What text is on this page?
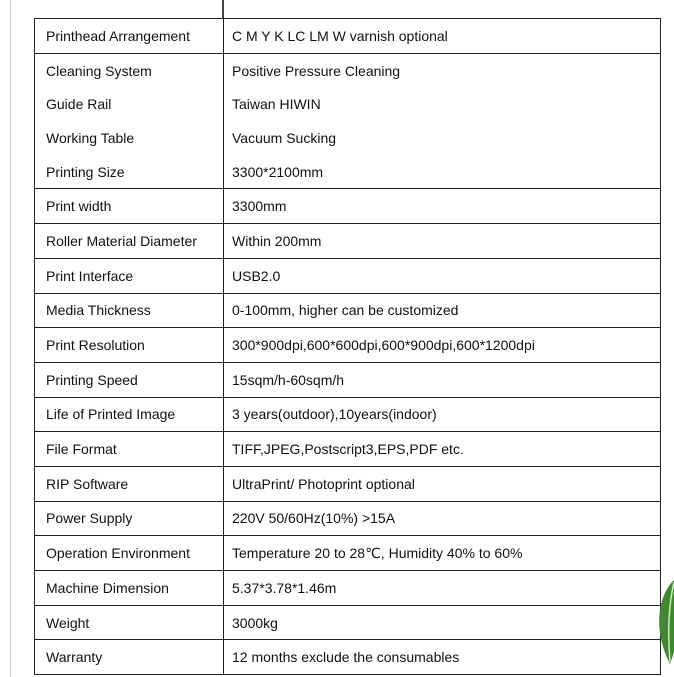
Printhead Arrangement	C M Y K LC LM W varnish optional
Cleaning System	Positive Pressure Cleaning
Guide Rail	Taiwan HIWIN
Working Table	Vacuum Sucking
Printing Size	3300*2100mm
Print width	3300mm
Roller Material Diameter	Within 200mm
Print Interface	USB2.0
Media Thickness	0-100mm, higher can be customized
Print Resolution	300*900dpi,600*600dpi,600*900dpi,600*1200dpi
Printing Speed	15sqm/h-60sqm/h
Life of Printed Image	3 years(outdoor),10years(indoor)
File Format	TIFF,JPEG,Postscript3,EPS,PDF etc.
RIP Software	UltraPrint/ Photoprint optional
Power Supply	220V 50/60Hz(10%) >15A
Operation Environment	Temperature 20 to 28℃, Humidity 40% to 60%
Machine Dimension	5.37*3.78*1.46m
Weight	3000kg
Warranty	12 months exclude the consumables
